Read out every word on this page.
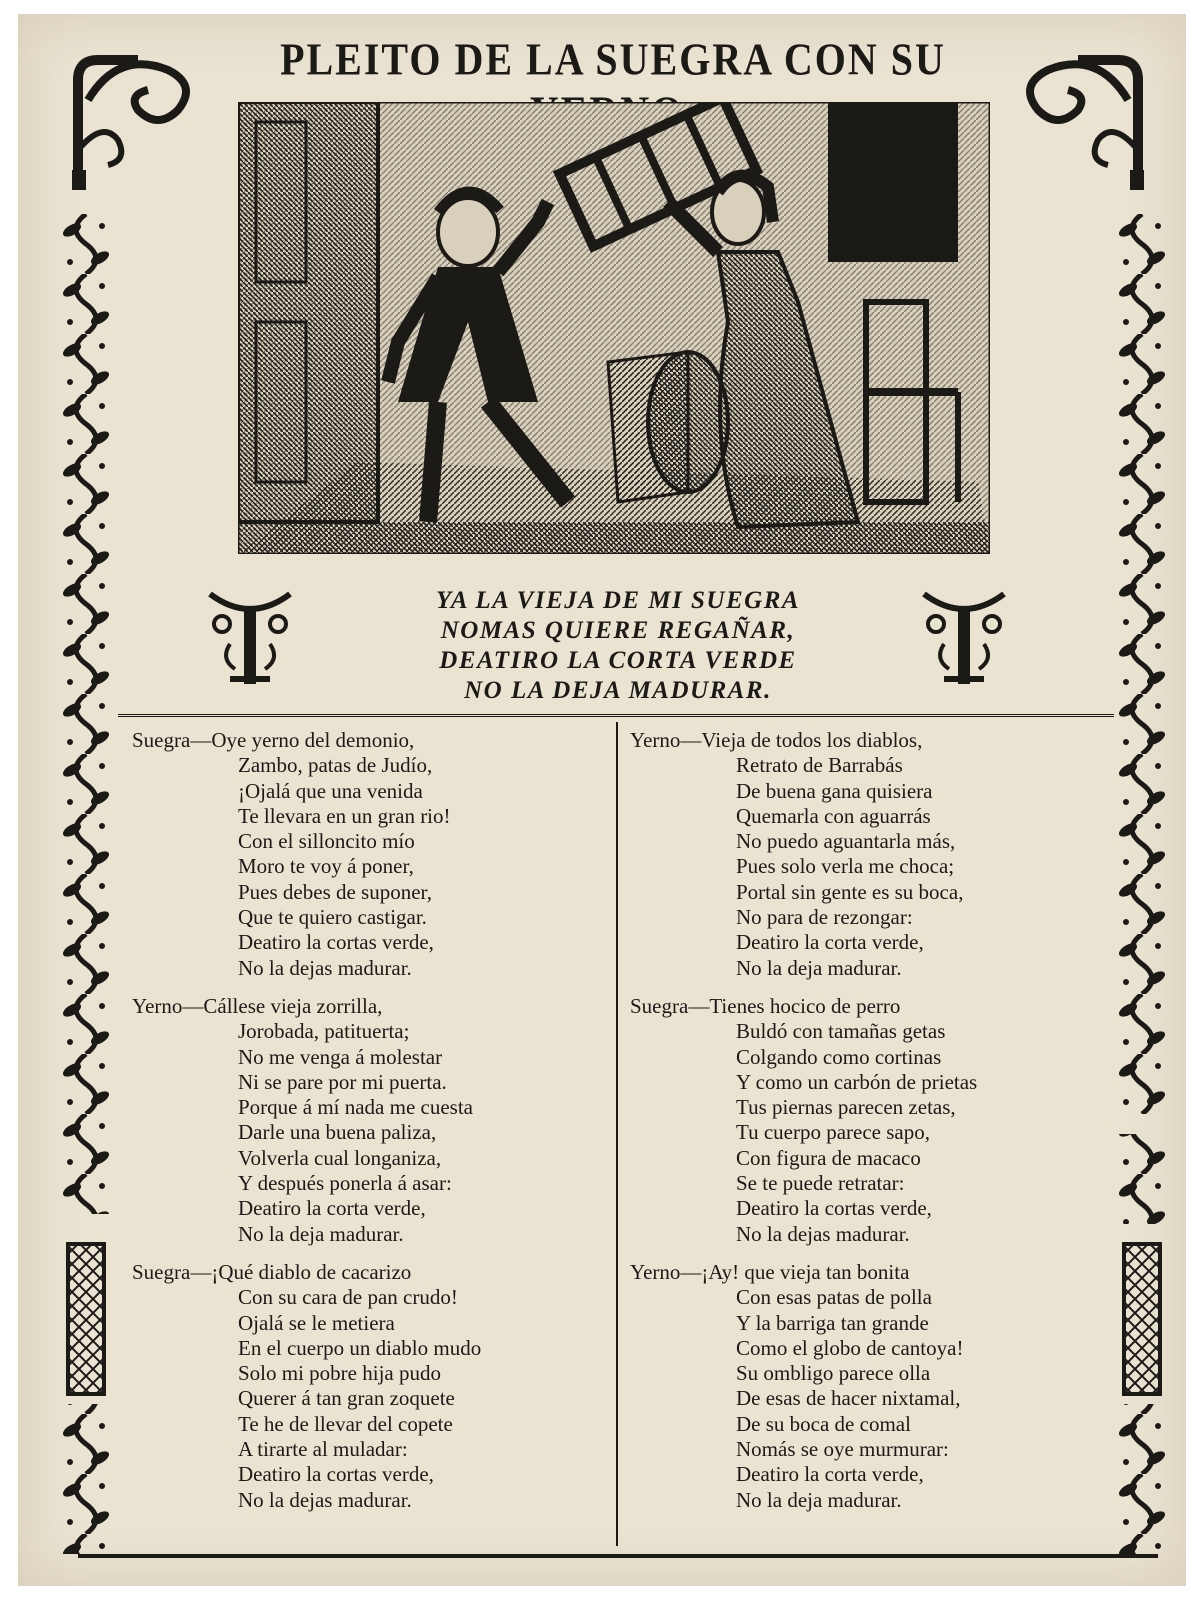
PLEITO DE LA SUEGRA CON SU
YA LA VIEJA DE MI SUEGRA
NOMAS QUIERE REGAÑAR,
DEATIRO LA CORTA VERDE
NO LA DEJA MADURAR.
Suegra—Oye yerno del demonio,
Zambo, patas de Judío,
¡Ojalá que una venida
Te llevara en un gran rio!
Con el silloncito mío
Moro te voy á poner,
Pues debes de suponer,
Que te quiero castigar.
Deatiro la cortas verde,
No la dejas madurar.
Yerno—Cállese vieja zorrilla,
Jorobada, patituerta;
No me venga á molestar
Ni se pare por mi puerta.
Porque á mí nada me cuesta
Darle una buena paliza,
Volverla cual longaniza,
Y después ponerla á asar:
Deatiro la corta verde,
No la deja madurar.
Suegra—¡Qué diablo de cacarizo
Con su cara de pan crudo!
Ojalá se le metiera
En el cuerpo un diablo mudo
Solo mi pobre hija pudo
Querer á tan gran zoquete
Te he de llevar del copete
A tirarte al muladar:
Deatiro la cortas verde,
No la dejas madurar.
Yerno—Vieja de todos los diablos,
Retrato de Barrabás
De buena gana quisiera
Quemarla con aguarrás
No puedo aguantarla más,
Pues solo verla me choca;
Portal sin gente es su boca,
No para de rezongar:
Deatiro la corta verde,
No la deja madurar.
Suegra—Tienes hocico de perro
Buldó con tamañas getas
Colgando como cortinas
Y como un carbón de prietas
Tus piernas parecen zetas,
Tu cuerpo parece sapo,
Con figura de macaco
Se te puede retratar:
Deatiro la cortas verde,
No la dejas madurar.
Yerno—¡Ay! que vieja tan bonita
Con esas patas de polla
Y la barriga tan grande
Como el globo de cantoya!
Su ombligo parece olla
De esas de hacer nixtamal,
De su boca de comal
Nomás se oye murmurar:
Deatiro la corta verde,
No la deja madurar.
